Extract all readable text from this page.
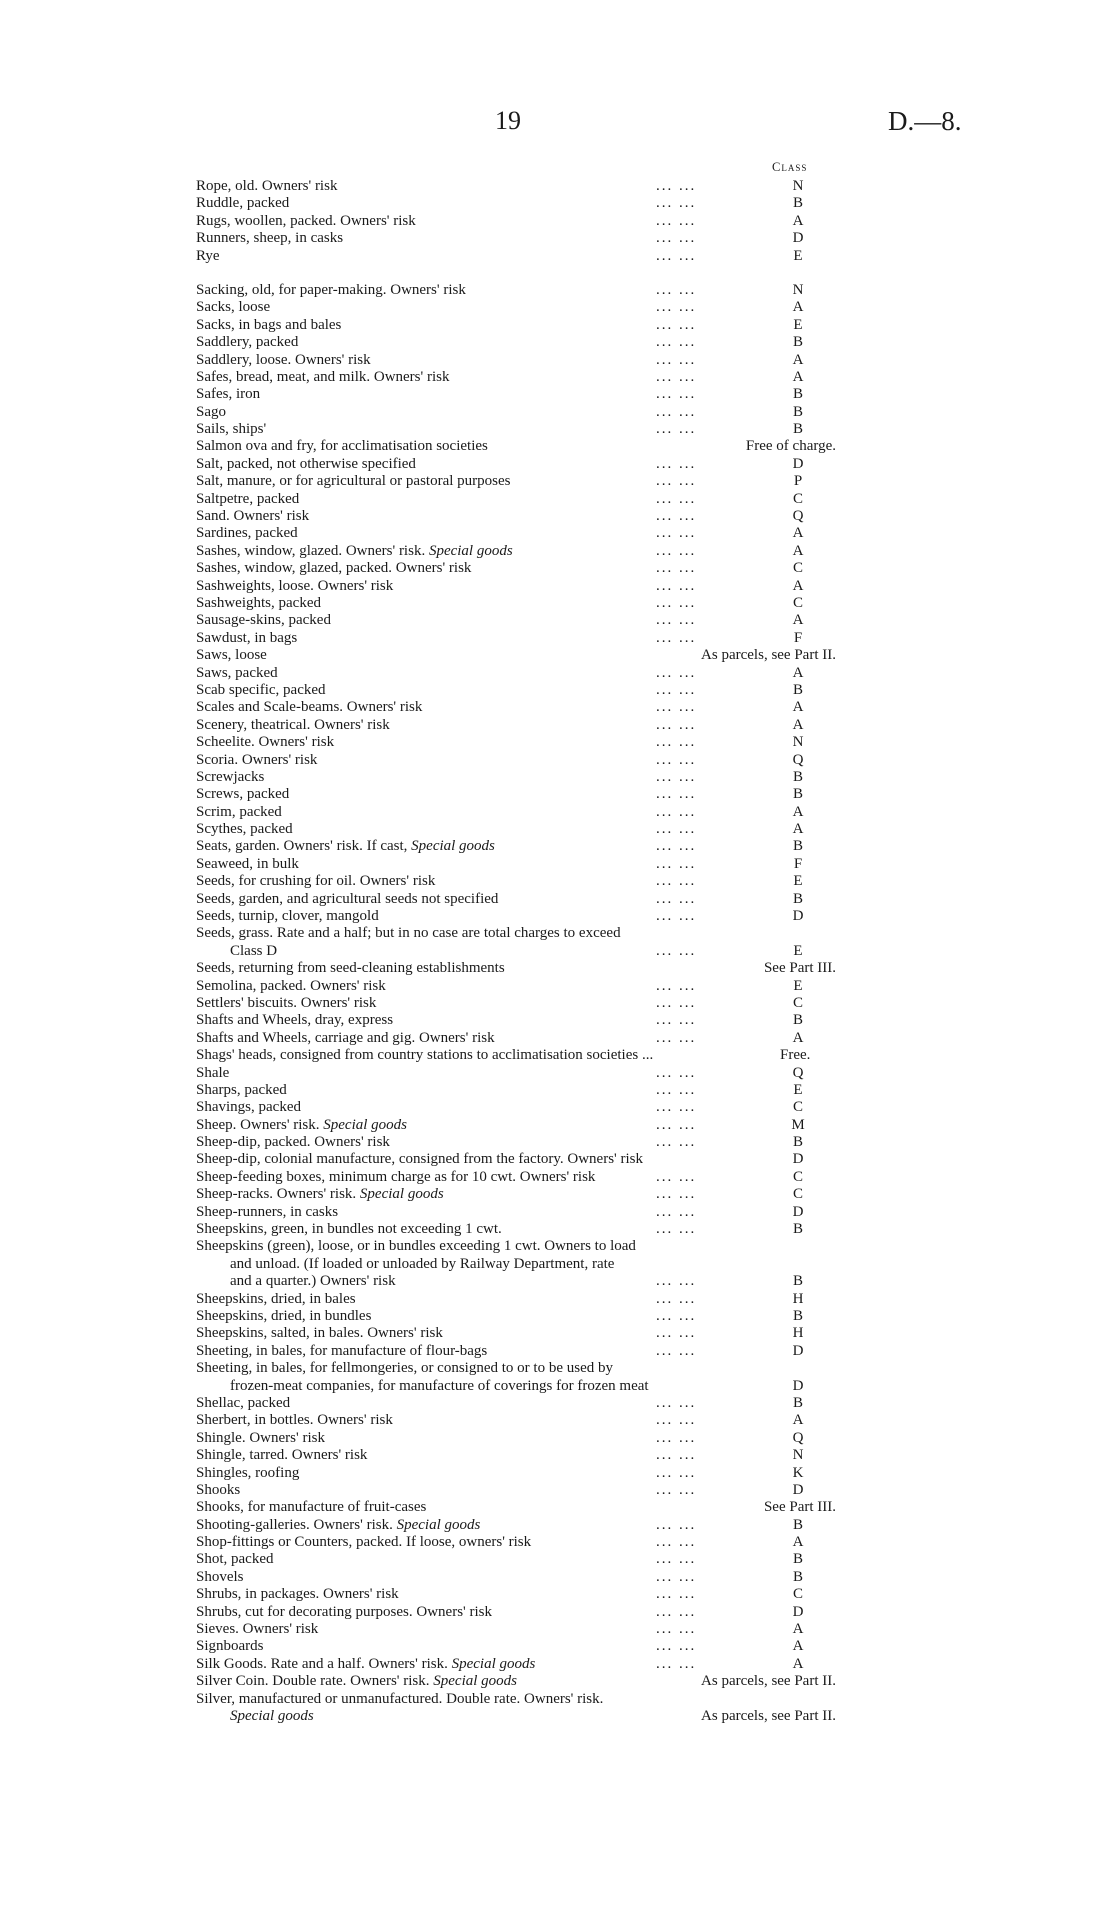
19	D.—8.
Class
Rope, old. Owners' risk	... ...	N
Ruddle, packed	... ...	B
Rugs, woollen, packed. Owners' risk	... ...	A
Runners, sheep, in casks	... ...	D
Rye	... ...	E
Sacking, old, for paper-making. Owners' risk	... ...	N
Sacks, loose	... ...	A
Sacks, in bags and bales	... ...	E
Saddlery, packed	... ...	B
Saddlery, loose. Owners' risk	... ...	A
Safes, bread, meat, and milk. Owners' risk	... ...	A
Safes, iron	... ...	B
Sago	... ...	B
Sails, ships'	... ...	B
Salmon ova and fry, for acclimatisation societies	Free of charge.
Salt, packed, not otherwise specified	... ...	D
Salt, manure, or for agricultural or pastoral purposes	... ...	P
Saltpetre, packed	... ...	C
Sand. Owners' risk	... ...	Q
Sardines, packed	... ...	A
Sashes, window, glazed. Owners' risk. Special goods	... ...	A
Sashes, window, glazed, packed. Owners' risk	... ...	C
Sashweights, loose. Owners' risk	... ...	A
Sashweights, packed	... ...	C
Sausage-skins, packed	... ...	A
Sawdust, in bags	... ...	F
Saws, loose	As parcels, see Part II.
Saws, packed	... ...	A
Scab specific, packed	... ...	B
Scales and Scale-beams. Owners' risk	... ...	A
Scenery, theatrical. Owners' risk	... ...	A
Scheelite. Owners' risk	... ...	N
Scoria. Owners' risk	... ...	Q
Screwjacks	... ...	B
Screws, packed	... ...	B
Scrim, packed	... ...	A
Scythes, packed	... ...	A
Seats, garden. Owners' risk. If cast, Special goods	... ...	B
Seaweed, in bulk	... ...	F
Seeds, for crushing for oil. Owners' risk	... ...	E
Seeds, garden, and agricultural seeds not specified	... ...	B
Seeds, turnip, clover, mangold	... ...	D
Seeds, grass. Rate and a half; but in no case are total charges to exceed
Class D	... ...	E
Seeds, returning from seed-cleaning establishments	See Part III.
Semolina, packed. Owners' risk	... ...	E
Settlers' biscuits. Owners' risk	... ...	C
Shafts and Wheels, dray, express	... ...	B
Shafts and Wheels, carriage and gig. Owners' risk	... ...	A
Shags' heads, consigned from country stations to acclimatisation societies ...	Free.
Shale	... ...	Q
Sharps, packed	... ...	E
Shavings, packed	... ...	C
Sheep. Owners' risk. Special goods	... ...	M
Sheep-dip, packed. Owners' risk	... ...	B
Sheep-dip, colonial manufacture, consigned from the factory. Owners' risk	D
Sheep-feeding boxes, minimum charge as for 10 cwt. Owners' risk	... ...	C
Sheep-racks. Owners' risk. Special goods	... ...	C
Sheep-runners, in casks	... ...	D
Sheepskins, green, in bundles not exceeding 1 cwt.	... ...	B
Sheepskins (green), loose, or in bundles exceeding 1 cwt. Owners to load
and unload. (If loaded or unloaded by Railway Department, rate
and a quarter.) Owners' risk	... ...	B
Sheepskins, dried, in bales	... ...	H
Sheepskins, dried, in bundles	... ...	B
Sheepskins, salted, in bales. Owners' risk	... ...	H
Sheeting, in bales, for manufacture of flour-bags	... ...	D
Sheeting, in bales, for fellmongeries, or consigned to or to be used by
frozen-meat companies, for manufacture of coverings for frozen meat	D
Shellac, packed	... ...	B
Sherbert, in bottles. Owners' risk	... ...	A
Shingle. Owners' risk	... ...	Q
Shingle, tarred. Owners' risk	... ...	N
Shingles, roofing	... ...	K
Shooks	... ...	D
Shooks, for manufacture of fruit-cases	See Part III.
Shooting-galleries. Owners' risk. Special goods	... ...	B
Shop-fittings or Counters, packed. If loose, owners' risk	... ...	A
Shot, packed	... ...	B
Shovels	... ...	B
Shrubs, in packages. Owners' risk	... ...	C
Shrubs, cut for decorating purposes. Owners' risk	... ...	D
Sieves. Owners' risk	... ...	A
Signboards	... ...	A
Silk Goods. Rate and a half. Owners' risk. Special goods	... ...	A
Silver Coin. Double rate. Owners' risk. Special goods	As parcels, see Part II.
Silver, manufactured or unmanufactured. Double rate. Owners' risk.
Special goods	As parcels, see Part II.
